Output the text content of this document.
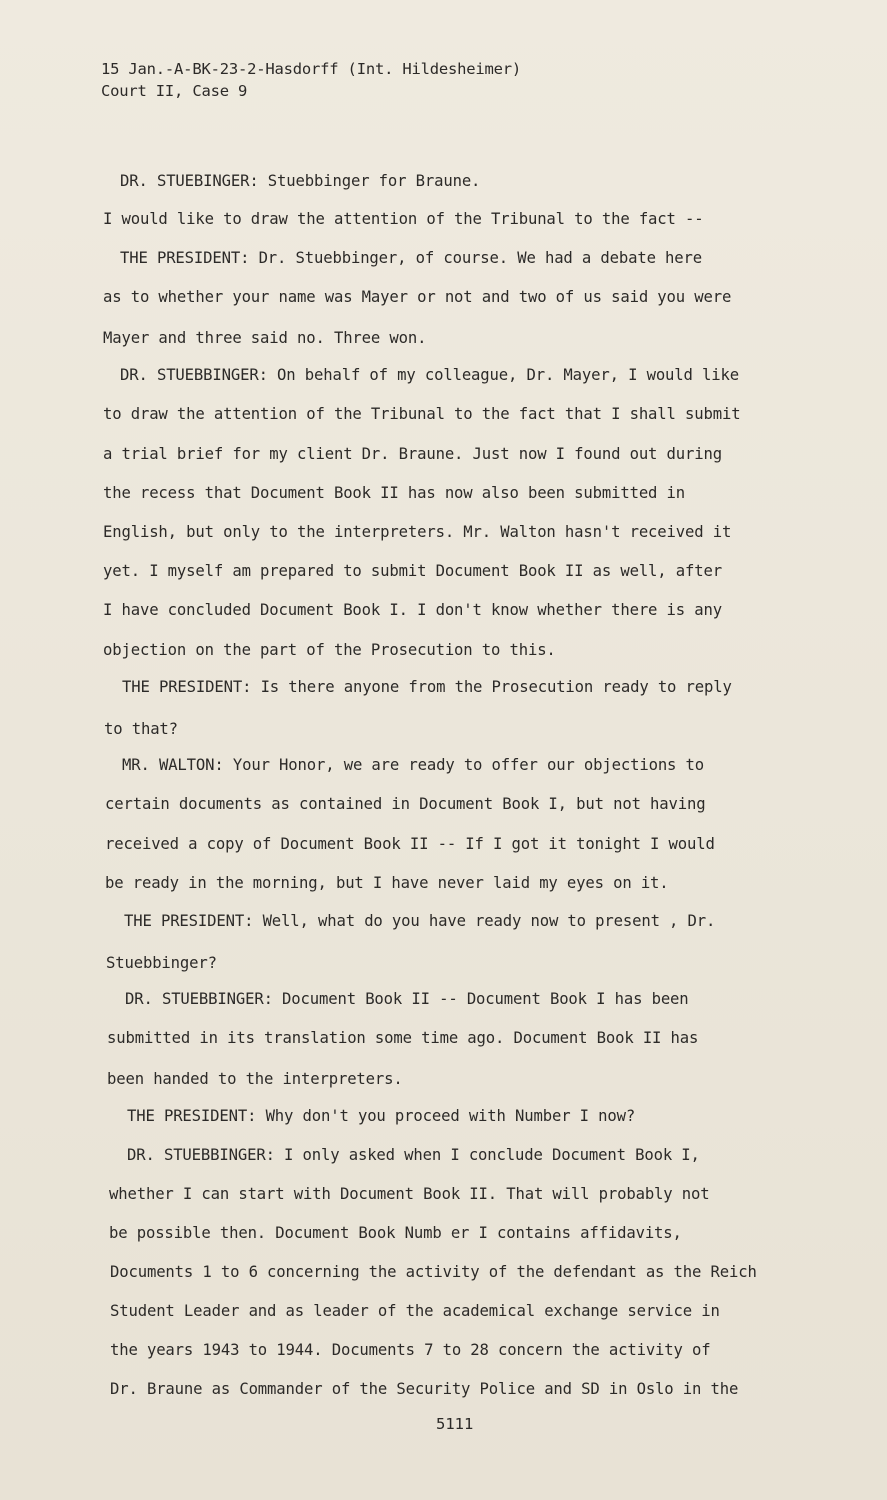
15 Jan.-A-BK-23-2-Hasdorff (Int. Hildesheimer)
Court II, Case 9
DR. STUEBINGER: Stuebbinger for Braune.
I would like to draw the attention of the Tribunal to the fact --
THE PRESIDENT: Dr. Stuebbinger, of course. We had a debate here
as to whether your name was Mayer or not and two of us said you were
Mayer and three said no. Three won.
DR. STUEBBINGER: On behalf of my colleague, Dr. Mayer, I would like
to draw the attention of the Tribunal to the fact that I shall submit
a trial brief for my client Dr. Braune. Just now I found out during
the recess that Document Book II has now also been submitted in
English, but only to the interpreters. Mr. Walton hasn't received it
yet. I myself am prepared to submit Document Book II as well, after
I have concluded Document Book I. I don't know whether there is any
objection on the part of the Prosecution to this.
THE PRESIDENT: Is there anyone from the Prosecution ready to reply
to that?
MR. WALTON: Your Honor, we are ready to offer our objections to
certain documents as contained in Document Book I, but not having
received a copy of Document Book II -- If I got it tonight I would
be ready in the morning, but I have never laid my eyes on it.
THE PRESIDENT: Well, what do you have ready now to present , Dr.
Stuebbinger?
DR. STUEBBINGER: Document Book II -- Document Book I has been
submitted in its translation some time ago. Document Book II has
been handed to the interpreters.
THE PRESIDENT: Why don't you proceed with Number I now?
DR. STUEBBINGER: I only asked when I conclude Document Book I,
whether I can start with Document Book II. That will probably not
be possible then. Document Book Numb er I contains affidavits,
Documents 1 to 6 concerning the activity of the defendant as the Reich
Student Leader and as leader of the academical exchange service in
the years 1943 to 1944. Documents 7 to 28 concern the activity of
Dr. Braune as Commander of the Security Police and SD in Oslo in the
5111
